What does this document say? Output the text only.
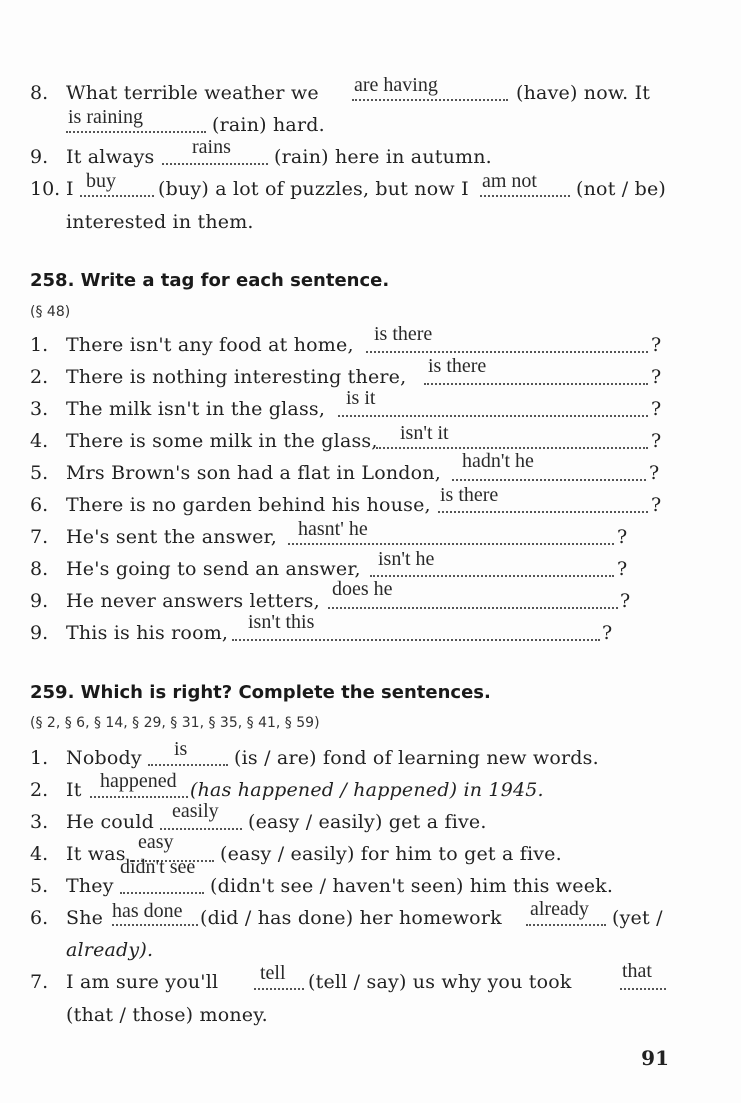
8. What terrible weather we are having	(have) now. It
is raining	(rain) hard.
9. It always rains (rain) here in autumn.
10. I buy (buy) a lot of puzzles, but now I am not (not / be)
interested in them.
258. Write a tag for each sentence.
(§ 48)
1. There isn't any food at home, is there	?
2. There is nothing interesting there, is there	?
3. The milk isn't in the glass, is it	?
4. There is some milk in the glass, isn't it	?
5. Mrs Brown's son had a flat in London,
hadn't he
?
6. There is no garden behind his house, is there	?
7. He's sent the answer, hasnt' he	?
8. He's going to send an answer, isn't he	?
9. He never answers letters,
does he
?
9. This is his room, isn't this	?
259. Which is right? Complete the sentences.
(§ 2, § 6, § 14, § 29, § 31, § 35, § 41, § 59)
1. Nobody is (is / are) fond of learning new words.
2. It happened (has happened / happened) in 1945.
3. He could easily (easy / easily) get a five.
4. It was
easy
(easy / easily) for him to get a five.
5. They
didn't see
(didn't see / haven't seen) him this week.
6. She has done (did / has done) her homework already (yet /
already).
7. I am sure you'll tell (tell / say) us why you took	that
(that / those) money.
91
